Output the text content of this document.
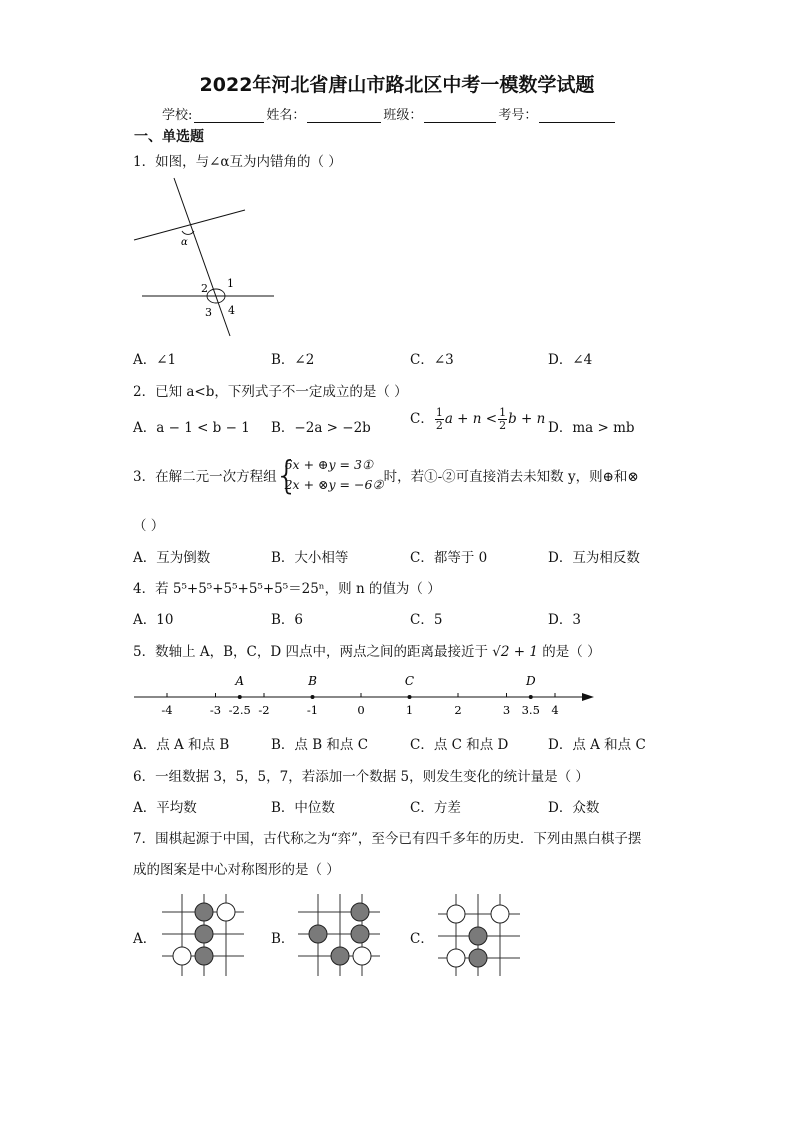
2022年河北省唐山市路北区中考一模数学试题
学校:	姓名：	班级：	考号：
一、单选题
1．如图，与∠α互为内错角的（ ）
α
1
2
3 4
A．∠1	B．∠2	C．∠3	D．∠4
2．已知 a<b，下列式子不一定成立的是（ ）
A．a − 1 < b − 1 B．−2a > −2b
C． $\frac{1}{2}$ $a + n < \frac{1}{2}$ b + n
D．ma > mb
3．在解二元一次方程组
{
6x + ⊕y = 3①
2x + ⊗y = −6② 时，若①-②可直接消去未知数 y，则⊕和⊗
（ ）
A．互为倒数	B．大小相等	C．都等于 0	D．互为相反数
4．若 5⁵+5⁵+5⁵+5⁵+5⁵＝25ⁿ，则 n 的值为（ ）
A．10	B．6	C．5	D．3
5．数轴上 A，B，C，D 四点中，两点之间的距离最接近于 √2 + 1 的是（ ）
-4	-3 -2.5 -2	-1	0	1	2	3 3.5 4
A	B	C	D
A．点 A 和点 B	B．点 B 和点 C	C．点 C 和点 D	D．点 A 和点 C
6．一组数据 3，5，5，7，若添加一个数据 5，则发生变化的统计量是（ ）
A．平均数	B．中位数	C．方差	D．众数
7．围棋起源于中国，古代称之为“弈”，至今已有四千多年的历史．下列由黑白棋子摆
成的图案是中心对称图形的是（ ）
A．	B．	C．
